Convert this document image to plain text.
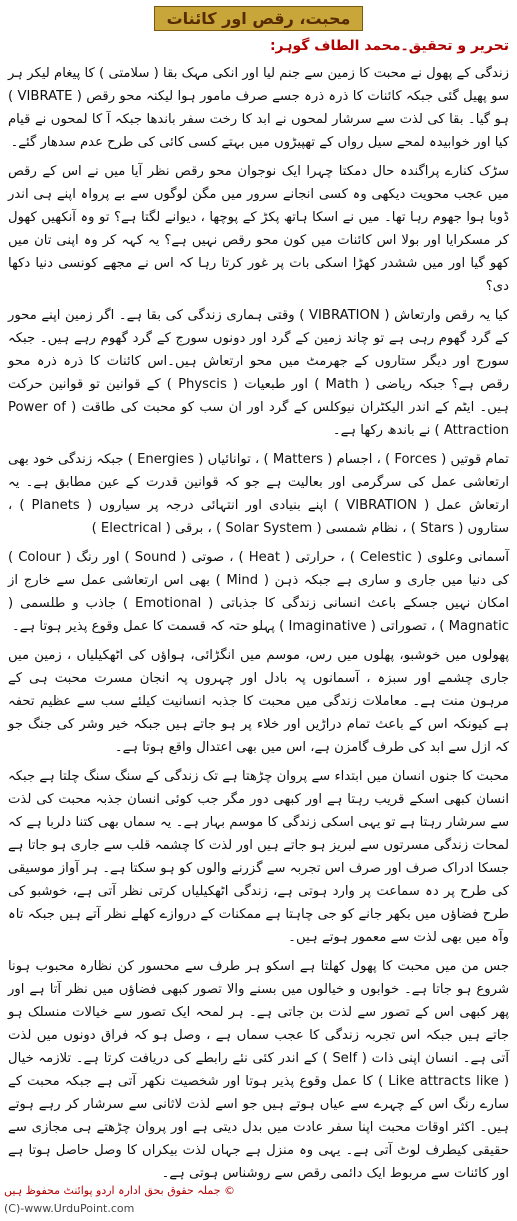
محبت، رقص اور کائنات
تحریر و تحقیق۔محمد الطاف گوہر:

زندگی کے پھول نے محبت کا زمین سے جنم لیا اور انکی مہک بقا ( سلامتی ) کا پیغام لیکر ہر سو پھیل گئی جبکہ کائنات کا ذرہ ذرہ جسے صرف مامور ہوا لیکنہ محو رقص ( VIBRATE ) ہو گیا۔ بقا کی لذت سے سرشار لمحوں نے ابد کا رخت سفر باندھا جبکہ آ کا لمحوں نے قیام کیا اور خوابیدہ لمحے سیل رواں کے تھپیڑوں میں بہتے کسی کائی کی طرح عدم سدھار گئے۔

سڑک کنارے پراگندہ حال دمکتا چہرا ایک نوجوان محو رقص نظر آیا میں نے اس کے رقص میں عجب محویت دیکھی وہ کسی انجانے سرور میں مگن لوگوں سے بے پرواہ اپنے ہی اندر ڈوبا ہوا جھوم رہا تھا۔ میں نے اسکا ہاتھ پکڑ کے پوچھا ، دیوانے لگتا ہے؟ تو وہ آنکھیں کھول کر مسکرایا اور بولا اس کائنات میں کون محو رقص نہیں ہے؟ یہ کہہ کر وہ اپنی تان میں کھو گیا اور میں ششدر کھڑا اسکی بات پر غور کرتا رہا کہ اس نے مجھے کونسی دنیا دکھا دی؟

کیا یہ رقص وارتعاش ( VIBRATION ) وقتی ہماری زندگی کی بقا ہے۔ اگر زمین اپنے محور کے گرد گھوم رہی ہے تو چاند زمین کے گرد اور دونوں سورج کے گرد گھوم رہے ہیں۔ جبکہ سورج اور دیگر ستاروں کے جھرمٹ میں محو ارتعاش ہیں۔اس کائنات کا ذرہ ذرہ محو رقص ہے؟ جبکہ ریاضی ( Math ) اور طبعیات ( Physcis ) کے قوانین تو قوانین حرکت ہیں۔ ایٹم کے اندر الیکٹران نیوکلس کے گرد اور ان سب کو محبت کی طاقت ( Power of Attraction ) نے باندھ رکھا ہے۔

تمام قوتیں ( Forces ) ، اجسام ( Matters ) ، توانائیاں ( Energies ) جبکہ زندگی خود بھی ارتعاشی عمل کی سرگرمی اور بعالیت ہے جو کہ قوانین قدرت کے عین مطابق ہے۔ یہ ارتعاش عمل ( VIBRATION ) اپنے بنیادی اور انتہائی درجہ پر سیاروں ( Planets ) ، ستاروں ( Stars ) ، نظام شمسی ( Solar System ) ، برقی ( Electrical )

آسمانی وعلوی ( Celestic ) ، حرارتی ( Heat ) ، صوتی ( Sound ) اور رنگ ( Colour ) کی دنیا میں جاری و ساری ہے جبکہ ذہن ( Mind ) بھی اس ارتعاشی عمل سے خارج از امکان نہیں جسکے باعث انسانی زندگی کا جذباتی ( Emotional ) جاذب و طلسمی ( Magnatic ) ، تصوراتی ( Imaginative ) پہلو حتہ کہ قسمت کا عمل وقوع پذیر ہوتا ہے۔

پھولوں میں خوشبو، پھلوں میں رس، موسم میں انگڑائی، ہواؤں کی اٹھکیلیاں ، زمین میں جاری چشمے اور سبزہ ، آسمانوں پہ بادل اور چہروں پہ انجان مسرت محبت ہی کے مرہون منت ہے۔ معاملات زندگی میں محبت کا جذبہ انسانیت کیلئے سب سے عظیم تحفہ ہے کیونکہ اس کے باعث تمام دراڑیں اور خلاء پر ہو جاتے ہیں جبکہ خیر وشر کی جنگ جو کہ ازل سے ابد کی طرف گامزن ہے، اس میں بھی اعتدال واقع ہوتا ہے۔

محبت کا جنوں انسان میں ابتداء سے پروان چڑھتا ہے تک زندگی کے سنگ سنگ چلتا ہے جبکہ انسان کبھی اسکے قریب رہتا ہے اور کبھی دور مگر جب کوئی انسان جذبہ محبت کی لذت سے سرشار رہتا ہے تو یہی اسکی زندگی کا موسم بہار ہے۔ یہ سماں بھی کتنا دلربا ہے کہ لمحات زندگی مسرتوں سے لبریز ہو جاتے ہیں اور لذت کا چشمہ قلب سے جاری ہو جاتا ہے جسکا ادراک صرف اور صرف اس تجربہ سے گزرنے والوں کو ہو سکتا ہے۔ ہر آواز موسیقی کی طرح پر دہ سماعت پر وارد ہوتی ہے، زندگی اٹھکیلیاں کرتی نظر آتی ہے، خوشبو کی طرح فضاؤں میں بکھر جانے کو جی چاہتا ہے ممکنات کے دروازے کھلے نظر آتے ہیں جبکہ تاہ وآہ میں بھی لذت سے معمور ہوتے ہیں۔

جس من میں محبت کا پھول کھلتا ہے اسکو ہر طرف سے محسور کن نظارہ محبوب ہونا شروع ہو جاتا ہے۔ خوابوں و خیالوں میں بسنے والا تصور کبھی فضاؤں میں نظر آتا ہے اور پھر کبھی اس کے تصور سے لذت بن جاتی ہے۔ ہر لمحہ ایک تصور سے خیالات منسلک ہو جاتے ہیں جبکہ اس تجربہ زندگی کا عجب سماں ہے ، وصل ہو کہ فراق دونوں میں لذت آتی ہے۔ انسان اپنی ذات ( Self ) کے اندر کئی نئے رابطے کی دریافت کرتا ہے۔ تلازمہ خیال ( Like attracts like ) کا عمل وقوع پذیر ہوتا اور شخصیت نکھر آتی ہے جبکہ محبت کے سارے رنگ اس کے چہرے سے عیاں ہوتے ہیں جو اسے لذت لاثانی سے سرشار کر رہے ہوتے ہیں۔ اکثر اوقات محبت اپنا سفر عادت میں بدل دیتی ہے اور پروان چڑھتے ہی مجازی سے حقیقی کیطرف لوٹ آتی ہے۔ یہی وہ منزل ہے جہاں لذت بیکراں کا وصل حاصل ہوتا ہے اور کائنات سے مربوط ایک دائمی رقص سے روشناس ہوتی ہے۔

© جملہ حقوق بحق ادارہ اردو پوائنٹ محفوظ ہیں
(C)-www.UrduPoint.com
